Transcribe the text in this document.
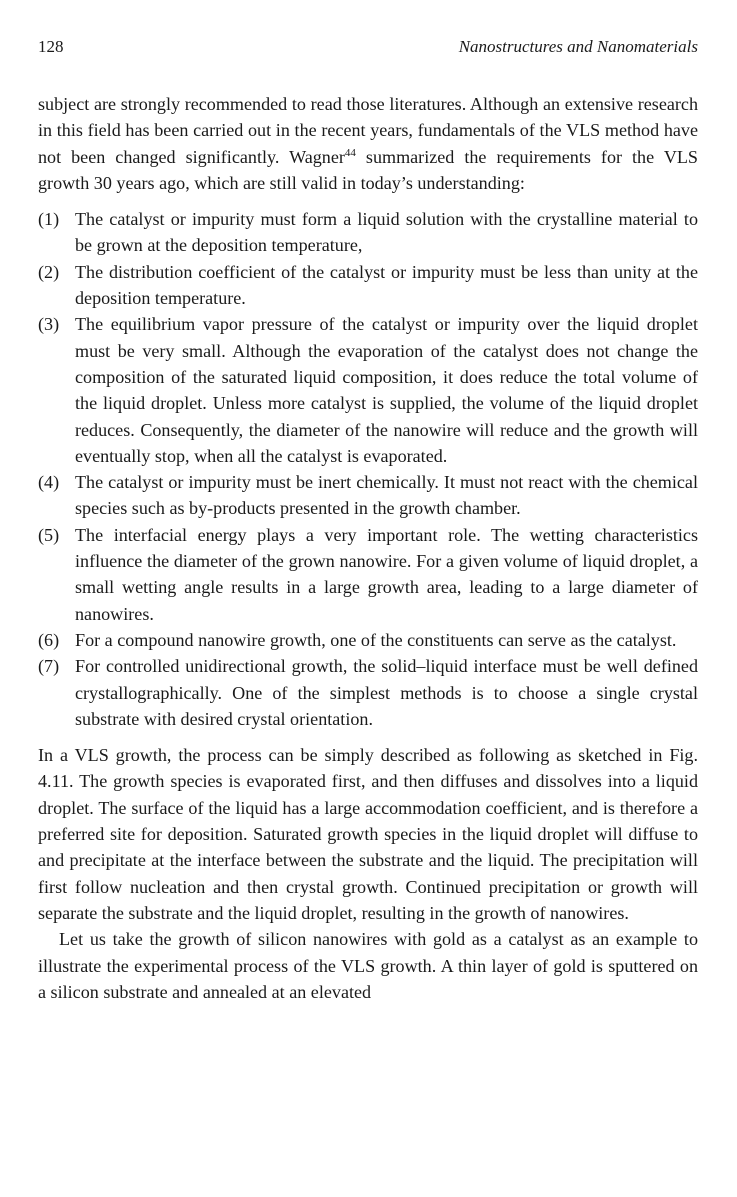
128	Nanostructures and Nanomaterials

subject are strongly recommended to read those literatures. Although an extensive research in this field has been carried out in the recent years, fundamentals of the VLS method have not been changed significantly. Wagner$^{44}$ summarized the requirements for the VLS growth 30 years ago, which are still valid in today’s understanding:

(1) The catalyst or impurity must form a liquid solution with the crystalline material to be grown at the deposition temperature,
(2) The distribution coefficient of the catalyst or impurity must be less than unity at the deposition temperature.
(3) The equilibrium vapor pressure of the catalyst or impurity over the liquid droplet must be very small. Although the evaporation of the catalyst does not change the composition of the saturated liquid composition, it does reduce the total volume of the liquid droplet. Unless more catalyst is supplied, the volume of the liquid droplet reduces. Consequently, the diameter of the nanowire will reduce and the growth will eventually stop, when all the catalyst is evaporated.
(4) The catalyst or impurity must be inert chemically. It must not react with the chemical species such as by-products presented in the growth chamber.
(5) The interfacial energy plays a very important role. The wetting characteristics influence the diameter of the grown nanowire. For a given volume of liquid droplet, a small wetting angle results in a large growth area, leading to a large diameter of nanowires.
(6) For a compound nanowire growth, one of the constituents can serve as the catalyst.
(7) For controlled unidirectional growth, the solid–liquid interface must be well defined crystallographically. One of the simplest methods is to choose a single crystal substrate with desired crystal orientation.

In a VLS growth, the process can be simply described as following as sketched in Fig. 4.11. The growth species is evaporated first, and then diffuses and dissolves into a liquid droplet. The surface of the liquid has a large accommodation coefficient, and is therefore a preferred site for deposition. Saturated growth species in the liquid droplet will diffuse to and precipitate at the interface between the substrate and the liquid. The precipitation will first follow nucleation and then crystal growth. Continued precipitation or growth will separate the substrate and the liquid droplet, resulting in the growth of nanowires.

Let us take the growth of silicon nanowires with gold as a catalyst as an example to illustrate the experimental process of the VLS growth. A thin layer of gold is sputtered on a silicon substrate and annealed at an elevated
